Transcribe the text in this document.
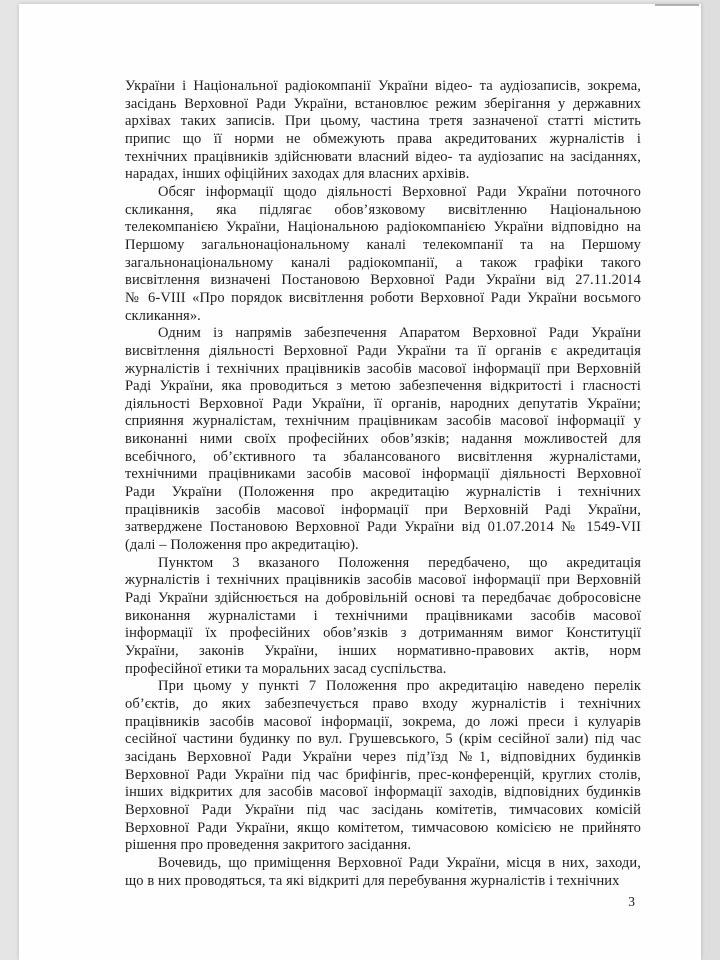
України і Національної радіокомпанії України відео- та аудіозаписів, зокрема,
засідань Верховної Ради України, встановлює режим зберігання у державних
архівах таких записів. При цьому, частина третя зазначеної статті містить
припис що її норми не обмежують права акредитованих журналістів і
технічних працівників здійснювати власний відео- та аудіозапис на засіданнях,
нарадах, інших офіційних заходах для власних архівів.
Обсяг інформації щодо діяльності Верховної Ради України поточного
скликання, яка підлягає обов’язковому висвітленню Національною
телекомпанією України, Національною радіокомпанією України відповідно на
Першому загальнонаціональному каналі телекомпанії та на Першому
загальнонаціональному каналі радіокомпанії, а також графіки такого
висвітлення визначені Постановою Верховної Ради України від 27.11.2014
№ 6-VIII «Про порядок висвітлення роботи Верховної Ради України восьмого
скликання».
Одним із напрямів забезпечення Апаратом Верховної Ради України
висвітлення діяльності Верховної Ради України та її органів є акредитація
журналістів і технічних працівників засобів масової інформації при Верховній
Раді України, яка проводиться з метою забезпечення відкритості і гласності
діяльності Верховної Ради України, її органів, народних депутатів України;
сприяння журналістам, технічним працівникам засобів масової інформації у
виконанні ними своїх професійних обов’язків; надання можливостей для
всебічного, об’єктивного та збалансованого висвітлення журналістами,
технічними працівниками засобів масової інформації діяльності Верховної
Ради України (Положення про акредитацію журналістів і технічних
працівників засобів масової інформації при Верховній Раді України,
затверджене Постановою Верховної Ради України від 01.07.2014 № 1549-VII
(далі – Положення про акредитацію).
Пунктом 3 вказаного Положення передбачено, що акредитація
журналістів і технічних працівників засобів масової інформації при Верховній
Раді України здійснюється на добровільній основі та передбачає добросовісне
виконання журналістами і технічними працівниками засобів масової
інформації їх професійних обов’язків з дотриманням вимог Конституції
України, законів України, інших нормативно-правових актів, норм
професійної етики та моральних засад суспільства.
При цьому у пункті 7 Положення про акредитацію наведено перелік
об’єктів, до яких забезпечується право входу журналістів і технічних
працівників засобів масової інформації, зокрема, до ложі преси і кулуарів
сесійної частини будинку по вул. Грушевського, 5 (крім сесійної зали) під час
засідань Верховної Ради України через під’їзд №1, відповідних будинків
Верховної Ради України під час брифінгів, прес-конференцій, круглих столів,
інших відкритих для засобів масової інформації заходів, відповідних будинків
Верховної Ради України під час засідань комітетів, тимчасових комісій
Верховної Ради України, якщо комітетом, тимчасовою комісією не прийнято
рішення про проведення закритого засідання.
Вочевидь, що приміщення Верховної Ради України, місця в них, заходи,
що в них проводяться, та які відкриті для перебування журналістів і технічних
3
